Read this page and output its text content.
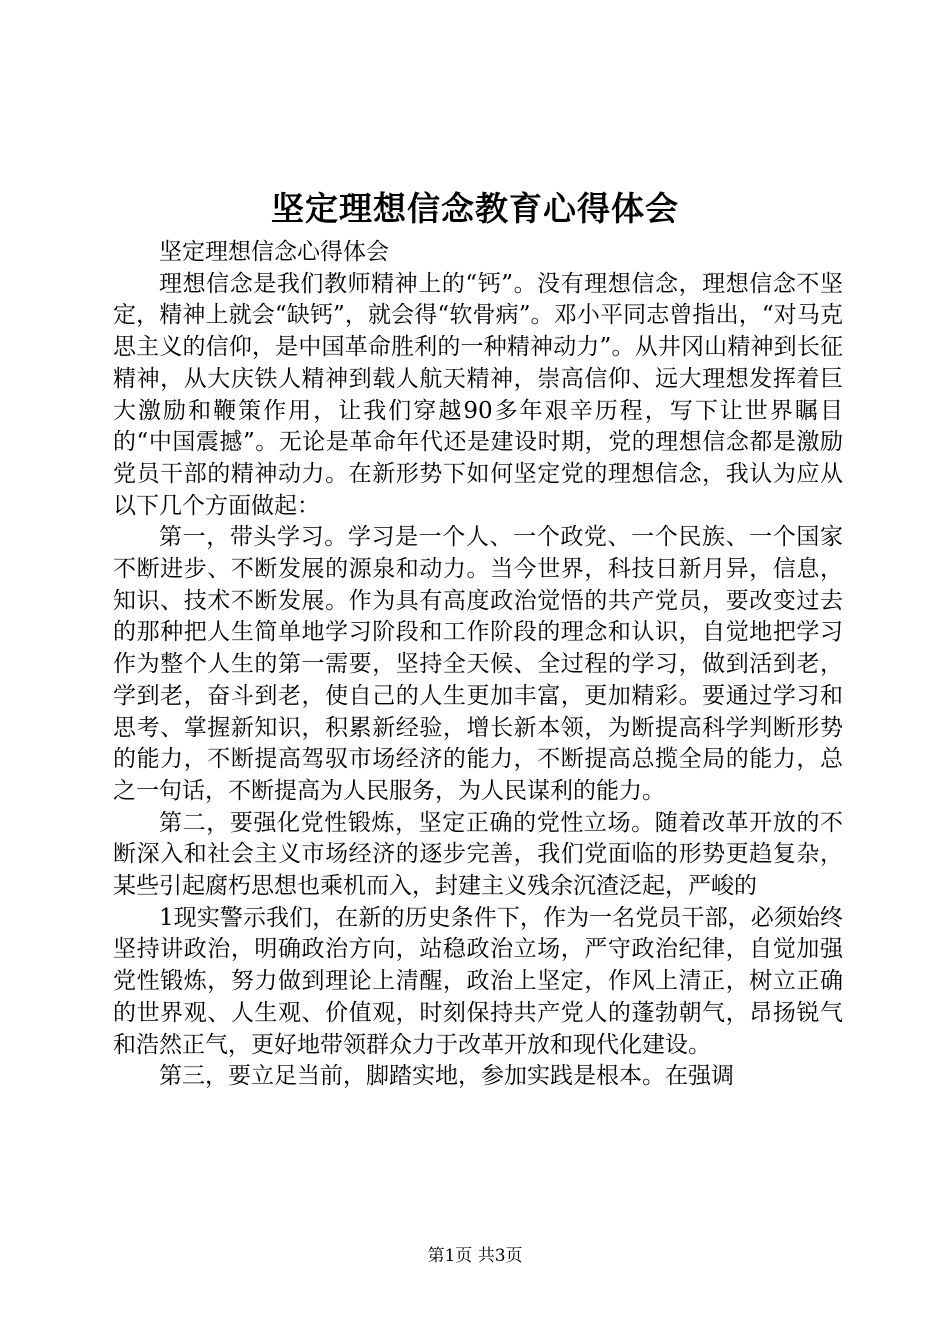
坚定理想信念教育心得体会

坚定理想信念心得体会

理想信念是我们教师精神上的“钙”。没有理想信念，理想信念不坚定，精神上就会“缺钙”，就会得“软骨病”。邓小平同志曾指出，“对马克思主义的信仰，是中国革命胜利的一种精神动力”。从井冈山精神到长征精神，从大庆铁人精神到载人航天精神，崇高信仰、远大理想发挥着巨大激励和鞭策作用，让我们穿越90多年艰辛历程，写下让世界瞩目的“中国震撼”。无论是革命年代还是建设时期，党的理想信念都是激励党员干部的精神动力。在新形势下如何坚定党的理想信念，我认为应从以下几个方面做起：

第一，带头学习。学习是一个人、一个政党、一个民族、一个国家不断进步、不断发展的源泉和动力。当今世界，科技日新月异，信息，知识、技术不断发展。作为具有高度政治觉悟的共产党员，要改变过去的那种把人生简单地学习阶段和工作阶段的理念和认识，自觉地把学习作为整个人生的第一需要，坚持全天候、全过程的学习，做到活到老，学到老，奋斗到老，使自己的人生更加丰富，更加精彩。要通过学习和思考、掌握新知识，积累新经验，增长新本领，为断提高科学判断形势的能力，不断提高驾驭市场经济的能力，不断提高总揽全局的能力，总之一句话，不断提高为人民服务，为人民谋利的能力。

第二，要强化党性锻炼，坚定正确的党性立场。随着改革开放的不断深入和社会主义市场经济的逐步完善，我们党面临的形势更趋复杂，某些引起腐朽思想也乘机而入，封建主义残余沉渣泛起，严峻的

1现实警示我们，在新的历史条件下，作为一名党员干部，必须始终坚持讲政治，明确政治方向，站稳政治立场，严守政治纪律，自觉加强党性锻炼，努力做到理论上清醒，政治上坚定，作风上清正，树立正确的世界观、人生观、价值观，时刻保持共产党人的蓬勃朝气，昂扬锐气和浩然正气，更好地带领群众力于改革开放和现代化建设。

第三，要立足当前，脚踏实地，参加实践是根本。在强调

第1页 共3页
